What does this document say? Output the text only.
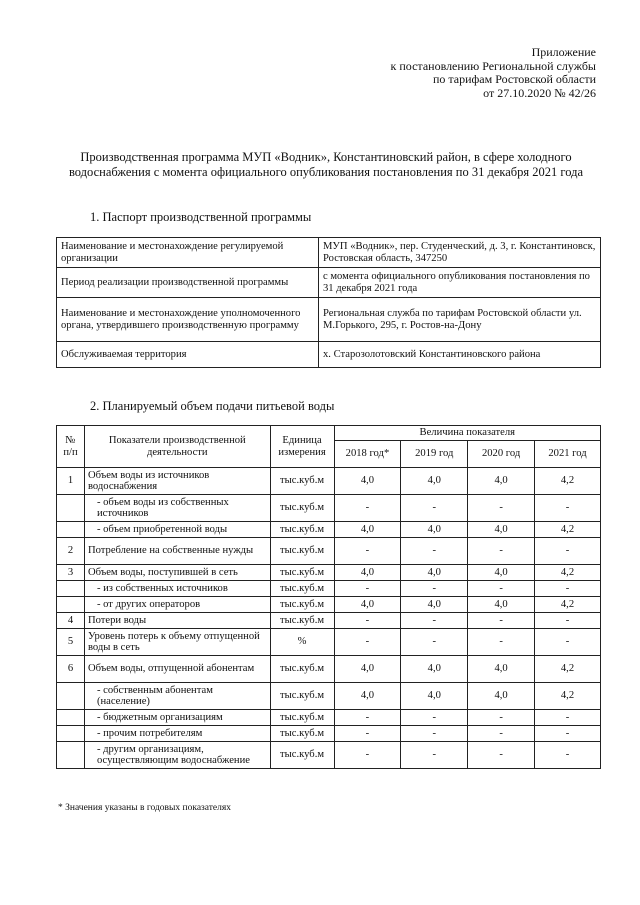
Приложение
к постановлению Региональной службы
по тарифам Ростовской области
от 27.10.2020 № 42/26
Производственная программа МУП «Водник», Константиновский район, в сфере холодного водоснабжения с момента официального опубликования постановления по 31 декабря 2021 года
1. Паспорт производственной программы
Наименование и местонахождение регулируемой организации	МУП «Водник», пер. Студенческий, д. 3, г. Константиновск, Ростовская область, 347250
Период реализации производственной программы	с момента официального опубликования постановления по 31 декабря 2021 года
Наименование и местонахождение уполномоченного органа, утвердившего производственную программу	Региональная служба по тарифам Ростовской области ул. М.Горького, 295, г. Ростов-на-Дону
Обслуживаемая территория	х. Старозолотовский Константиновского района
2. Планируемый объем подачи питьевой воды
№ п/п	Показатели производственной деятельности	Единица измерения	Величина показателя			
			2018 год*	2019 год	2020 год	2021 год
1	Объем воды из источников водоснабжения	тыс.куб.м	4,0	4,0	4,0	4,2
	- объем воды из собственных источников	тыс.куб.м	-	-	-	-
	- объем приобретенной воды	тыс.куб.м	4,0	4,0	4,0	4,2
2	Потребление на собственные нужды	тыс.куб.м	-	-	-	-
3	Объем воды, поступившей в сеть	тыс.куб.м	4,0	4,0	4,0	4,2
	- из собственных источников	тыс.куб.м	-	-	-	-
	- от других операторов	тыс.куб.м	4,0	4,0	4,0	4,2
4	Потери воды	тыс.куб.м	-	-	-	-
5	Уровень потерь к объему отпущенной воды в сеть	%	-	-	-	-
6	Объем воды, отпущенной абонентам	тыс.куб.м	4,0	4,0	4,0	4,2
	- собственным абонентам (население)	тыс.куб.м	4,0	4,0	4,0	4,2
	- бюджетным организациям	тыс.куб.м	-	-	-	-
	- прочим потребителям	тыс.куб.м	-	-	-	-
	- другим организациям, осуществляющим водоснабжение	тыс.куб.м	-	-	-	-
* Значения указаны в годовых показателях
